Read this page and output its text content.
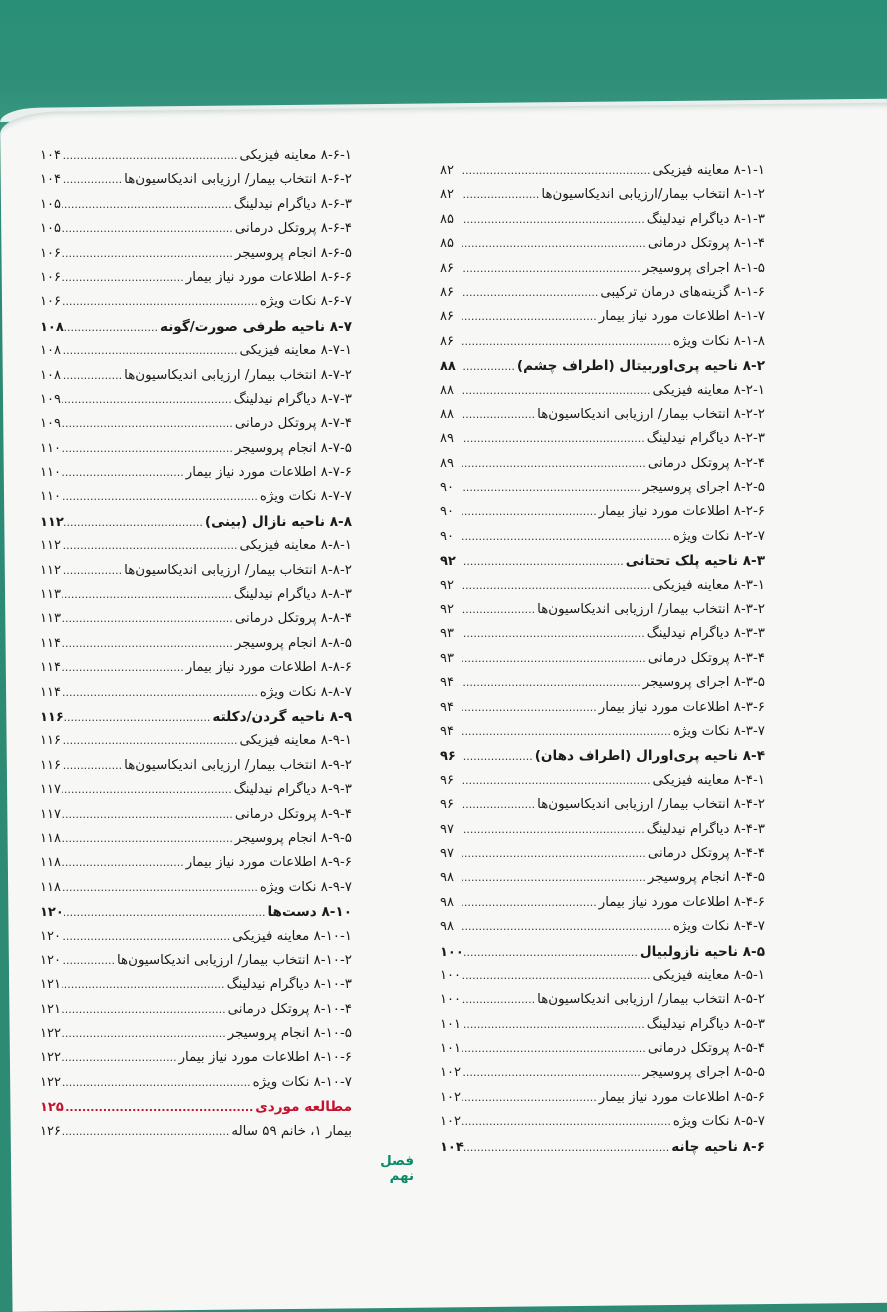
۸-۱-۱ معاینه فیزیکی
.....
۸۲
۸-۱-۲ انتخاب بیمار/ارزیابی اندیکاسیون‌ها
.....
۸۲
۸-۱-۳ دیاگرام نیدلینگ
.....
۸۵
۸-۱-۴ پروتکل درمانی
.....
۸۵
۸-۱-۵ اجرای پروسیجر
.....
۸۶
۸-۱-۶ گزینه‌های درمان ترکیبی
.....
۸۶
۸-۱-۷ اطلاعات مورد نیاز بیمار
.....
۸۶
۸-۱-۸ نکات ویژه
.....
۸۶
۸-۲ ناحیه پری‌اوربیتال (اطراف چشم)
.....
۸۸
۸-۲-۱ معاینه فیزیکی
.....
۸۸
۸-۲-۲ انتخاب بیمار/ ارزیابی اندیکاسیون‌ها
.....
۸۸
۸-۲-۳ دیاگرام نیدلینگ
.....
۸۹
۸-۲-۴ پروتکل درمانی
.....
۸۹
۸-۲-۵ اجرای پروسیجر
.....
۹۰
۸-۲-۶ اطلاعات مورد نیاز بیمار
.....
۹۰
۸-۲-۷ نکات ویژه
.....
۹۰
۸-۳ ناحیه پلک تحتانی
.....
۹۲
۸-۳-۱ معاینه فیزیکی
.....
۹۲
۸-۳-۲ انتخاب بیمار/ ارزیابی اندیکاسیون‌ها
.....
۹۲
۸-۳-۳ دیاگرام نیدلینگ
.....
۹۳
۸-۳-۴ پروتکل درمانی
.....
۹۳
۸-۳-۵ اجرای پروسیجر
.....
۹۴
۸-۳-۶ اطلاعات مورد نیاز بیمار
.....
۹۴
۸-۳-۷ نکات ویژه
.....
۹۴
۸-۴ ناحیه پری‌اورال (اطراف دهان)
.....
۹۶
۸-۴-۱ معاینه فیزیکی
.....
۹۶
۸-۴-۲ انتخاب بیمار/ ارزیابی اندیکاسیون‌ها
.....
۹۶
۸-۴-۳ دیاگرام نیدلینگ
.....
۹۷
۸-۴-۴ پروتکل درمانی
.....
۹۷
۸-۴-۵ انجام پروسیجر
.....
۹۸
۸-۴-۶ اطلاعات مورد نیاز بیمار
.....
۹۸
۸-۴-۷ نکات ویژه
.....
۹۸
۸-۵ ناحیه نازولبیال
.....
۱۰۰
۸-۵-۱ معاینه فیزیکی
.....
۱۰۰
۸-۵-۲ انتخاب بیمار/ ارزیابی اندیکاسیون‌ها
.....
۱۰۰
۸-۵-۳ دیاگرام نیدلینگ
.....
۱۰۱
۸-۵-۴ پروتکل درمانی
.....
۱۰۱
۸-۵-۵ اجرای پروسیجر
.....
۱۰۲
۸-۵-۶ اطلاعات مورد نیاز بیمار
.....
۱۰۲
۸-۵-۷ نکات ویژه
.....
۱۰۲
۸-۶ ناحیه چانه
.....
۱۰۴
۸-۶-۱ معاینه فیزیکی
.....
۱۰۴
۸-۶-۲ انتخاب بیمار/ ارزیابی اندیکاسیون‌ها
.....
۱۰۴
۸-۶-۳ دیاگرام نیدلینگ
.....
۱۰۵
۸-۶-۴ پروتکل درمانی
.....
۱۰۵
۸-۶-۵ انجام پروسیجر
.....
۱۰۶
۸-۶-۶ اطلاعات مورد نیاز بیمار
.....
۱۰۶
۸-۶-۷ نکات ویژه
.....
۱۰۶
۸-۷ ناحیه طرفی صورت/گونه
.....
۱۰۸
۸-۷-۱ معاینه فیزیکی
.....
۱۰۸
۸-۷-۲ انتخاب بیمار/ ارزیابی اندیکاسیون‌ها
.....
۱۰۸
۸-۷-۳ دیاگرام نیدلینگ
.....
۱۰۹
۸-۷-۴ پروتکل درمانی
.....
۱۰۹
۸-۷-۵ انجام پروسیجر
.....
۱۱۰
۸-۷-۶ اطلاعات مورد نیاز بیمار
.....
۱۱۰
۸-۷-۷ نکات ویژه
.....
۱۱۰
۸-۸ ناحیه نازال (بینی)
.....
۱۱۲
۸-۸-۱ معاینه فیزیکی
.....
۱۱۲
۸-۸-۲ انتخاب بیمار/ ارزیابی اندیکاسیون‌ها
.....
۱۱۲
۸-۸-۳ دیاگرام نیدلینگ
.....
۱۱۳
۸-۸-۴ پروتکل درمانی
.....
۱۱۳
۸-۸-۵ انجام پروسیجر
.....
۱۱۴
۸-۸-۶ اطلاعات مورد نیاز بیمار
.....
۱۱۴
۸-۸-۷ نکات ویژه
.....
۱۱۴
۸-۹ ناحیه گردن/دکلته
.....
۱۱۶
۸-۹-۱ معاینه فیزیکی
.....
۱۱۶
۸-۹-۲ انتخاب بیمار/ ارزیابی اندیکاسیون‌ها
.....
۱۱۶
۸-۹-۳ دیاگرام نیدلینگ
.....
۱۱۷
۸-۹-۴ پروتکل درمانی
.....
۱۱۷
۸-۹-۵ انجام پروسیجر
.....
۱۱۸
۸-۹-۶ اطلاعات مورد نیاز بیمار
.....
۱۱۸
۸-۹-۷ نکات ویژه
.....
۱۱۸
۸-۱۰ دست‌ها
.....
۱۲۰
۸-۱۰-۱ معاینه فیزیکی
.....
۱۲۰
۸-۱۰-۲ انتخاب بیمار/ ارزیابی اندیکاسیون‌ها
.....
۱۲۰
۸-۱۰-۳ دیاگرام نیدلینگ
.....
۱۲۱
۸-۱۰-۴ پروتکل درمانی
.....
۱۲۱
۸-۱۰-۵ انجام پروسیجر
.....
۱۲۲
۸-۱۰-۶ اطلاعات مورد نیاز بیمار
.....
۱۲۲
۸-۱۰-۷ نکات ویژه
.....
۱۲۲
مطالعه موردی
.....
۱۲۵
بیمار ۱، خانم ۵۹ ساله
.....
۱۲۶
فصل نهم
